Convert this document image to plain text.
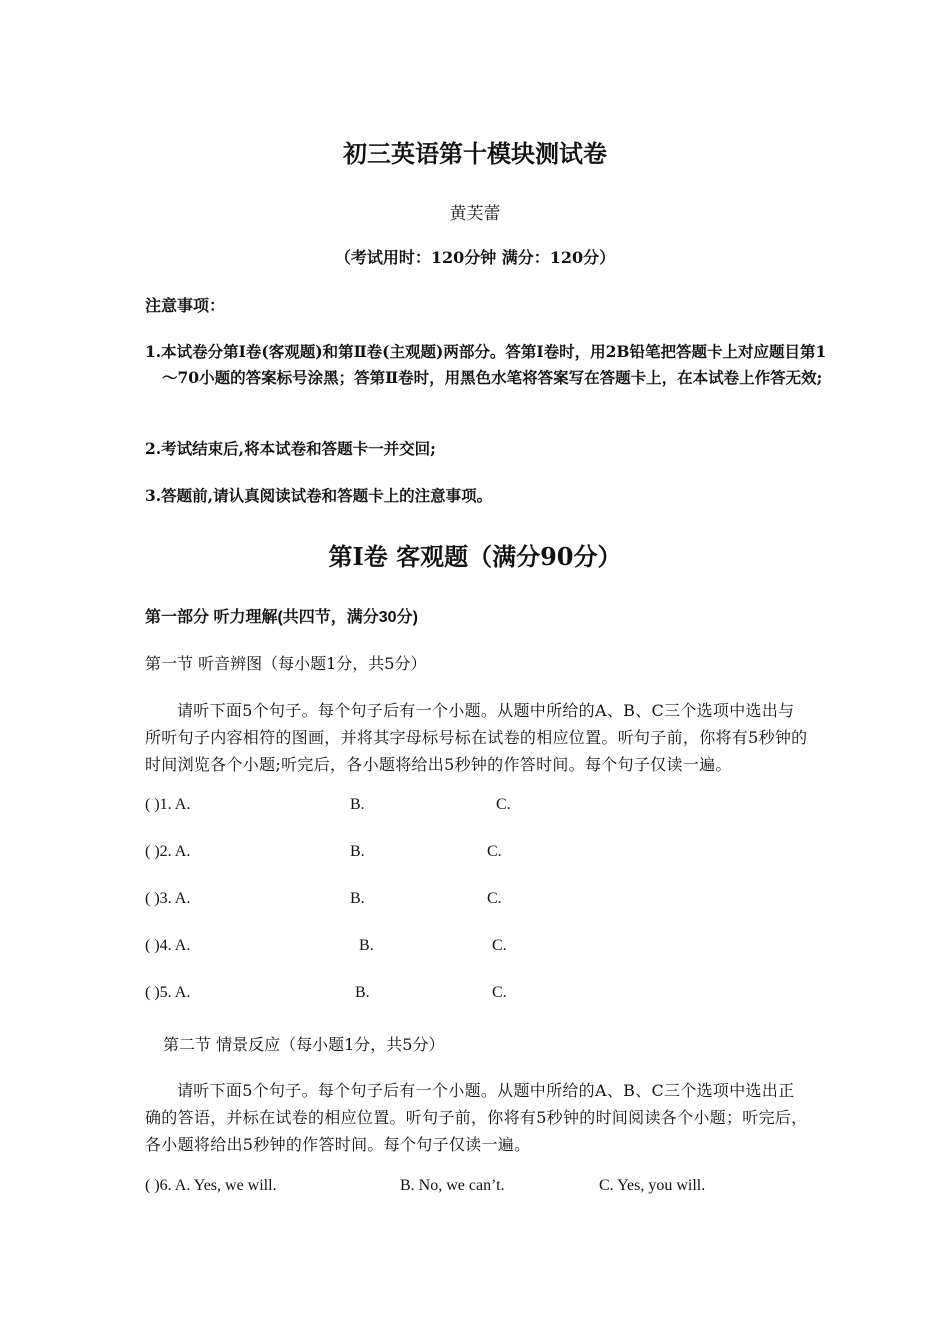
初三英语第十模块测试卷
黄芙蕾
（考试用时：120分钟 满分：120分）
注意事项：
1.本试卷分第Ⅰ卷(客观题)和第Ⅱ卷(主观题)两部分。答第Ⅰ卷时，用2B铅笔把答题卡上对应题目第1～70小题的答案标号涂黑；答第Ⅱ卷时，用黑色水笔将答案写在答题卡上，在本试卷上作答无效;
2.考试结束后,将本试卷和答题卡一并交回;
3.答题前,请认真阅读试卷和答题卡上的注意事项。
第I卷 客观题（满分90分）
第一部分 听力理解(共四节，满分30分)
第一节 听音辨图（每小题1分，共5分）
请听下面5个句子。每个句子后有一个小题。从题中所给的A、B、C三个选项中选出与所听句子内容相符的图画，并将其字母标号标在试卷的相应位置。听句子前，你将有5秒钟的时间浏览各个小题;听完后，各小题将给出5秒钟的作答时间。每个句子仅读一遍。
( )1. A.	B.	C.
( )2. A.	B.	C.
( )3. A.	B.	C.
( )4. A.	B.	C.
( )5. A.	B.	C.
第二节 情景反应（每小题1分，共5分）
请听下面5个句子。每个句子后有一个小题。从题中所给的A、B、C三个选项中选出正确的答语，并标在试卷的相应位置。听句子前，你将有5秒钟的时间阅读各个小题；听完后，各小题将给出5秒钟的作答时间。每个句子仅读一遍。
( )6. A. Yes, we will.	B. No, we can’t.	C. Yes, you will.
